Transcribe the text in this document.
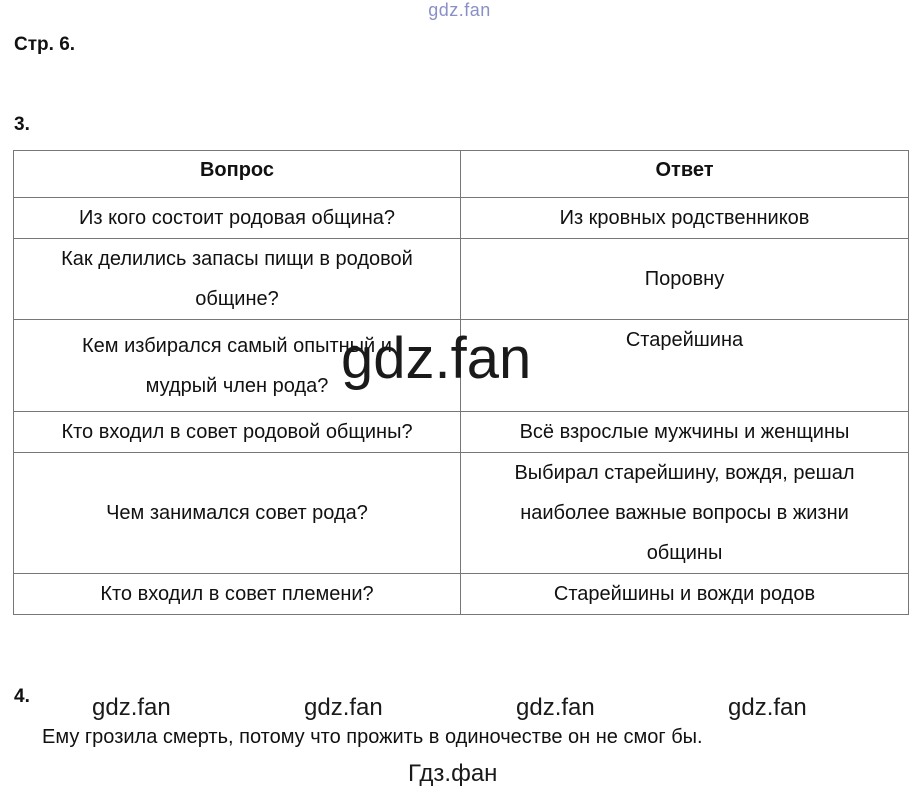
gdz.fan
Стр. 6.
3.
Вопрос	Ответ
Из кого состоит родовая община?	Из кровных родственников
Как делились запасы пищи в родовой общине?	Поровну
Кем избирался самый опытный и мудрый член рода?	Старейшина
Кто входил в совет родовой общины?	Всё взрослые мужчины и женщины
Чем занимался совет рода?	Выбирал старейшину, вождя, решал наиболее важные вопросы в жизни общины
Кто входил в совет племени?	Старейшины и вожди родов
gdz.fan
4.	gdz.fan	gdz.fan	gdz.fan	gdz.fan
Ему грозила смерть, потому что прожить в одиночестве он не смог бы.
Гдз.фан
